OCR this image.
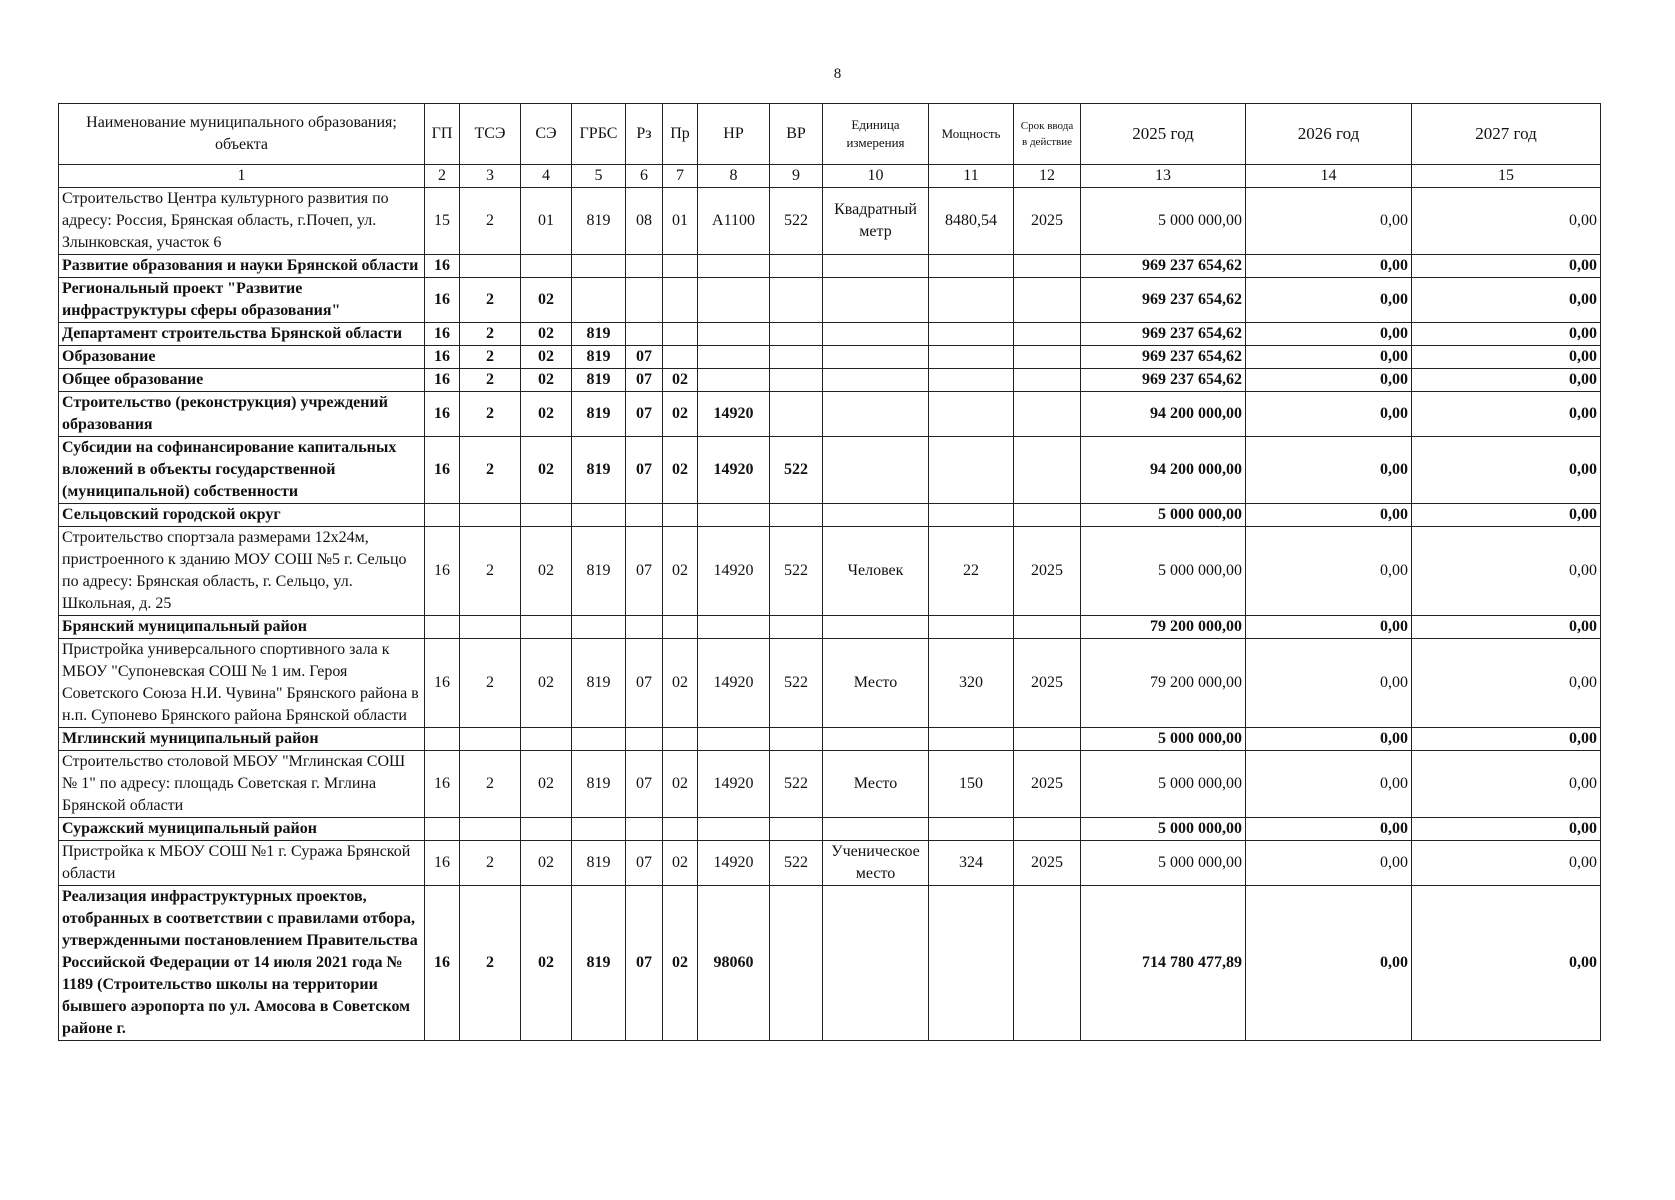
8
Наименование муниципального образования; объекта	ГП	ТСЭ	СЭ	ГРБС	Рз	Пр	НР	ВР	Единица измерения	Мощность	Срок ввода в действие	2025 год	2026 год	2027 год
1	2	3	4	5	6	7	8	9	10	11	12	13	14	15
Строительство Центра культурного развития по адресу: Россия, Брянская область, г.Почеп, ул. Злынковская, участок 6	15	2	01	819	08	01	А1100	522	Квадратный метр	8480,54	2025	5 000 000,00	0,00	0,00
Развитие образования и науки Брянской области	16											969 237 654,62	0,00	0,00
Региональный проект "Развитие инфраструктуры сферы образования"	16	2	02									969 237 654,62	0,00	0,00
Департамент строительства Брянской области	16	2	02	819								969 237 654,62	0,00	0,00
Образование	16	2	02	819	07							969 237 654,62	0,00	0,00
Общее образование	16	2	02	819	07	02						969 237 654,62	0,00	0,00
Строительство (реконструкция) учреждений образования	16	2	02	819	07	02	14920					94 200 000,00	0,00	0,00
Субсидии на софинансирование капитальных вложений в объекты государственной (муниципальной) собственности	16	2	02	819	07	02	14920	522				94 200 000,00	0,00	0,00
Сельцовский городской округ												5 000 000,00	0,00	0,00
Строительство спортзала размерами 12х24м, пристроенного к зданию МОУ СОШ №5 г. Сельцо по адресу: Брянская область, г. Сельцо, ул. Школьная, д. 25	16	2	02	819	07	02	14920	522	Человек	22	2025	5 000 000,00	0,00	0,00
Брянский муниципальный район												79 200 000,00	0,00	0,00
Пристройка универсального спортивного зала к МБОУ "Супоневская СОШ № 1 им. Героя Советского Союза Н.И. Чувина" Брянского района в н.п. Супонево Брянского района Брянской области	16	2	02	819	07	02	14920	522	Место	320	2025	79 200 000,00	0,00	0,00
Мглинский муниципальный район												5 000 000,00	0,00	0,00
Строительство столовой МБОУ "Мглинская СОШ № 1" по адресу: площадь Советская г. Мглина Брянской области	16	2	02	819	07	02	14920	522	Место	150	2025	5 000 000,00	0,00	0,00
Суражский муниципальный район												5 000 000,00	0,00	0,00
Пристройка к МБОУ СОШ №1 г. Суража Брянской области	16	2	02	819	07	02	14920	522	Ученическое место	324	2025	5 000 000,00	0,00	0,00
Реализация инфраструктурных проектов, отобранных в соответствии с правилами отбора, утвержденными постановлением Правительства Российской Федерации от 14 июля 2021 года № 1189 (Строительство школы на территории бывшего аэропорта по ул. Амосова в Советском районе г.	16	2	02	819	07	02	98060					714 780 477,89	0,00	0,00
